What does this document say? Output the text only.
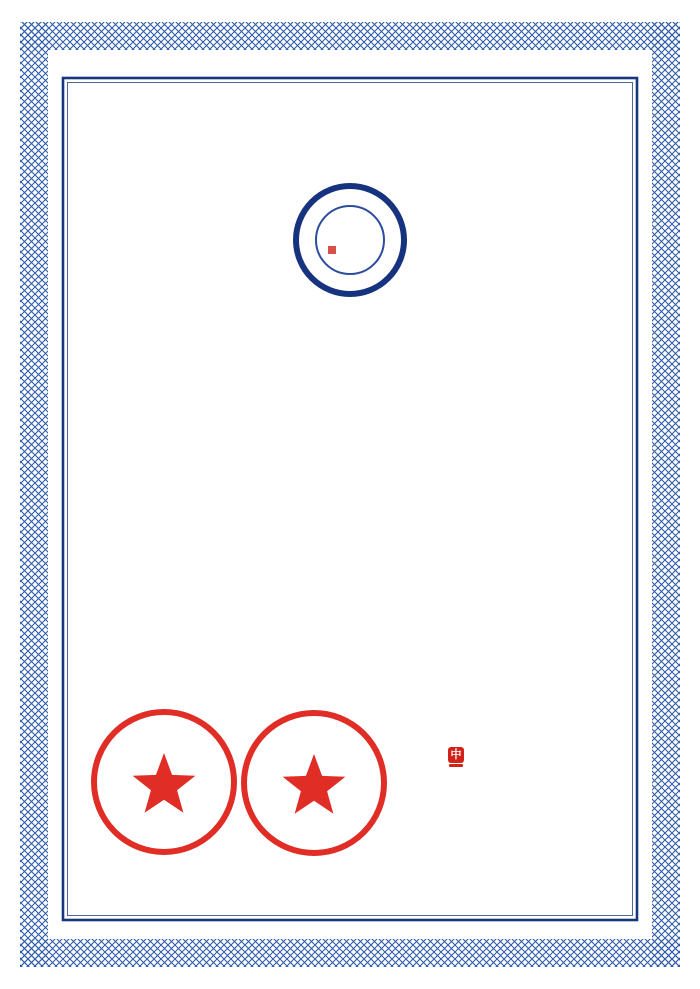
中
